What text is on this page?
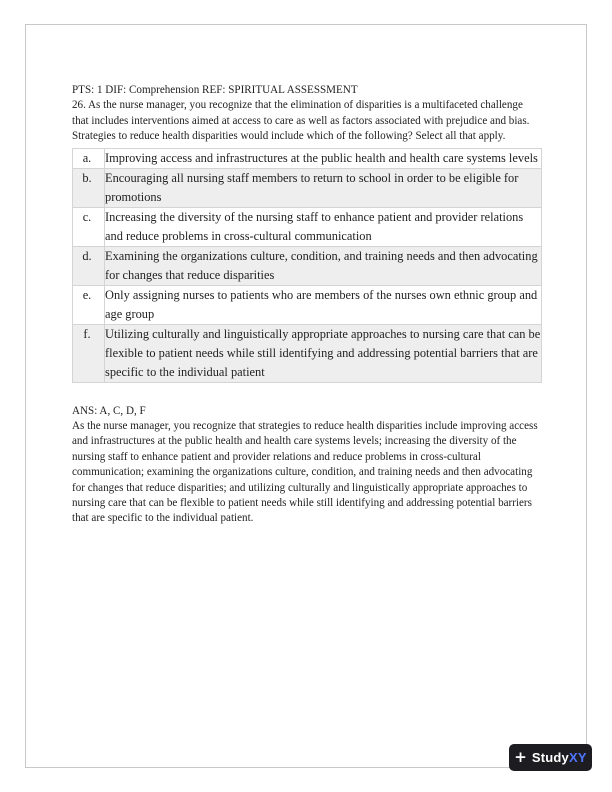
PTS: 1 DIF: Comprehension REF: SPIRITUAL ASSESSMENT

26. As the nurse manager, you recognize that the elimination of disparities is a multifaceted challenge that includes interventions aimed at access to care as well as factors associated with prejudice and bias. Strategies to reduce health disparities would include which of the following? Select all that apply.

a.	Improving access and infrastructures at the public health and health care systems levels
b.	Encouraging all nursing staff members to return to school in order to be eligible for promotions
c.	Increasing the diversity of the nursing staff to enhance patient and provider relations and reduce problems in cross-cultural communication
d.	Examining the organizations culture, condition, and training needs and then advocating for changes that reduce disparities
e.	Only assigning nurses to patients who are members of the nurses own ethnic group and age group
f.	Utilizing culturally and linguistically appropriate approaches to nursing care that can be flexible to patient needs while still identifying and addressing potential barriers that are specific to the individual patient
ANS: A, C, D, F

As the nurse manager, you recognize that strategies to reduce health disparities include improving access and infrastructures at the public health and health care systems levels; increasing the diversity of the nursing staff to enhance patient and provider relations and reduce problems in cross-cultural communication; examining the organizations culture, condition, and training needs and then advocating for changes that reduce disparities; and utilizing culturally and linguistically appropriate approaches to nursing care that can be flexible to patient needs while still identifying and addressing potential barriers that are specific to the individual patient.

+ StudyXY
